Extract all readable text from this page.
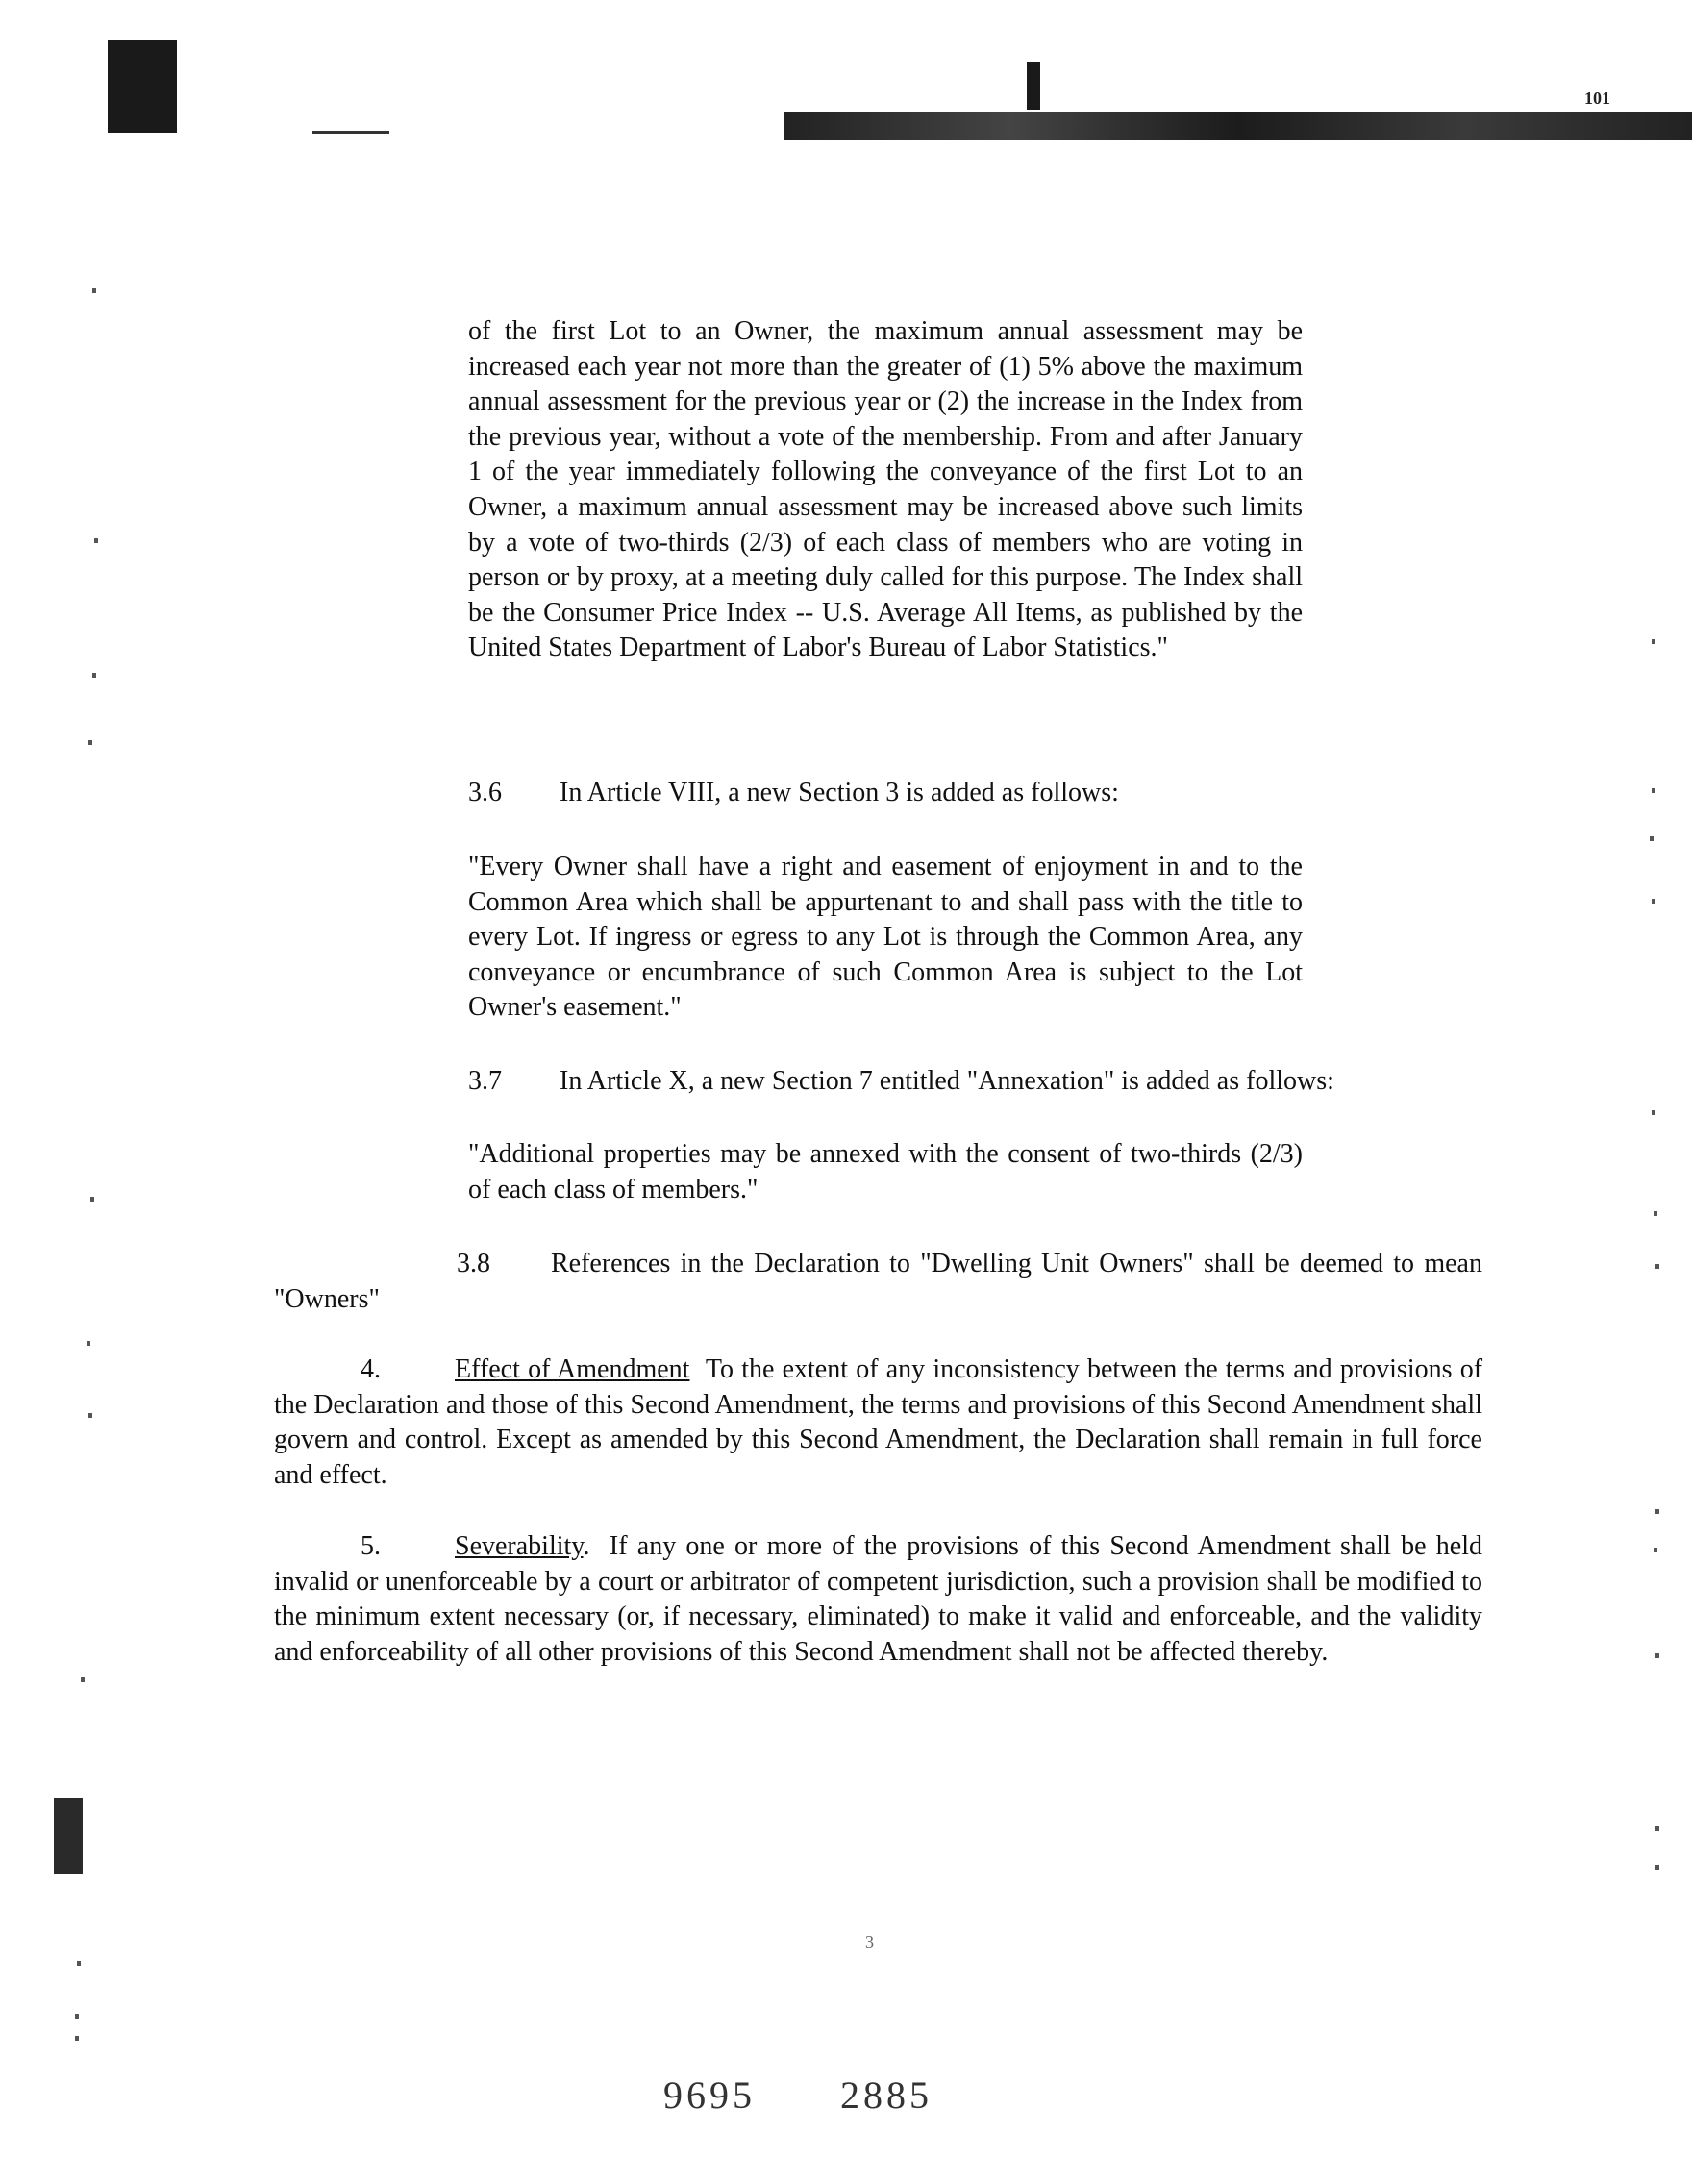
101

of the first Lot to an Owner, the maximum annual assessment may be increased each year not more than the greater of (1) 5% above the maximum annual assessment for the previous year or (2) the increase in the Index from the previous year, without a vote of the membership. From and after January 1 of the year immediately following the conveyance of the first Lot to an Owner, a maximum annual assessment may be increased above such limits by a vote of two-thirds (2/3) of each class of members who are voting in person or by proxy, at a meeting duly called for this purpose. The Index shall be the Consumer Price Index -- U.S. Average All Items, as published by the United States Department of Labor's Bureau of Labor Statistics."

3.6 In Article VIII, a new Section 3 is added as follows:

"Every Owner shall have a right and easement of enjoyment in and to the Common Area which shall be appurtenant to and shall pass with the title to every Lot. If ingress or egress to any Lot is through the Common Area, any conveyance or encumbrance of such Common Area is subject to the Lot Owner's easement."

3.7 In Article X, a new Section 7 entitled "Annexation" is added as follows:

"Additional properties may be annexed with the consent of two-thirds (2/3) of each class of members."

3.8 References in the Declaration to "Dwelling Unit Owners" shall be deemed to mean "Owners"

4.	Effect of Amendment To the extent of any inconsistency between the terms and provisions of the Declaration and those of this Second Amendment, the terms and provisions of this Second Amendment shall govern and control. Except as amended by this Second Amendment, the Declaration shall remain in full force and effect.

5.	Severability.  If any one or more of the provisions of this Second Amendment shall be held invalid or unenforceable by a court or arbitrator of competent jurisdiction, such a provision shall be modified to the minimum extent necessary (or, if necessary, eliminated) to make it valid and enforceable, and the validity and enforceability of all other provisions of this Second Amendment shall not be affected thereby.

3
9695 2885
